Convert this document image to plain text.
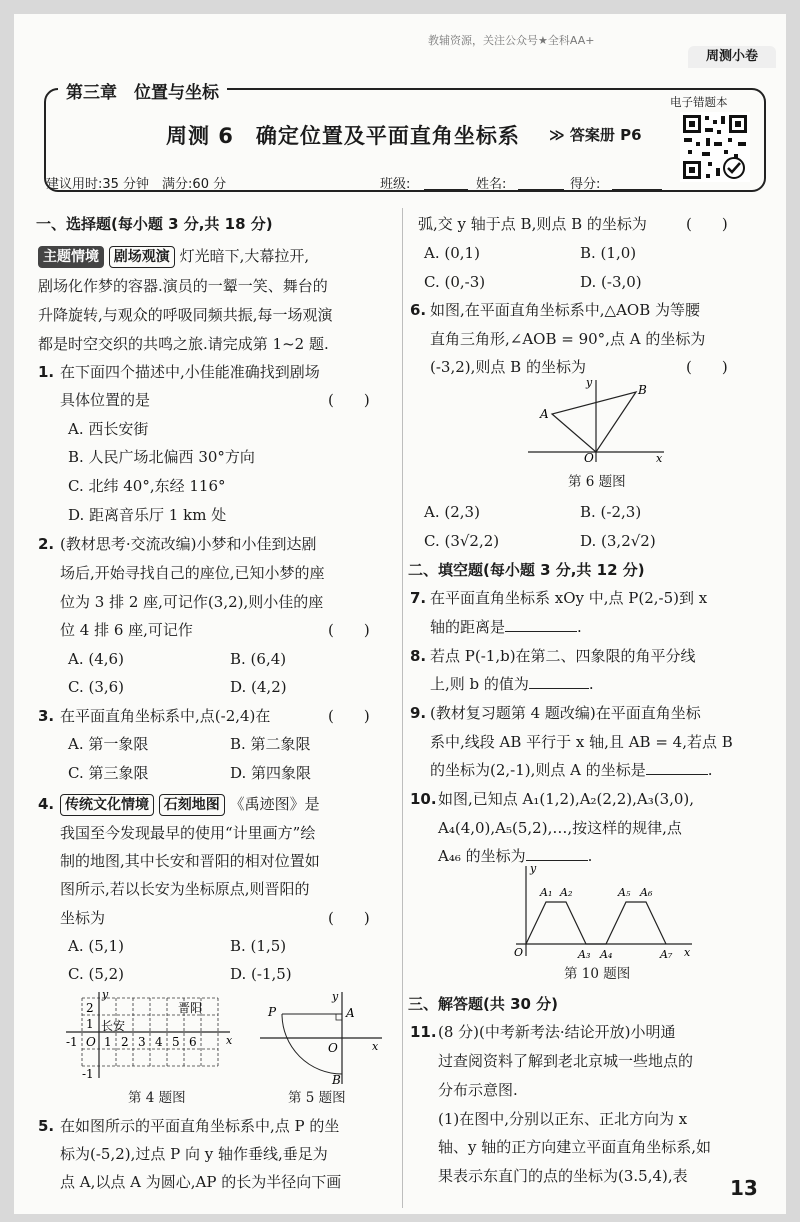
教辅资源，关注公众号★全科AA+
周测小卷
第三章　位置与坐标
周测 6　确定位置及平面直角坐标系 ≫ 答案册 P6
电子错题本
建议用时:35 分钟　满分:60 分	班级:	姓名:	得分:
一、选择题(每小题 3 分,共 18 分)
主题情境 剧场观演 灯光暗下,大幕拉开,
剧场化作梦的容器.演员的一颦一笑、舞台的
升降旋转,与观众的呼吸同频共振,每一场观演
都是时空交织的共鸣之旅.请完成第 1~2 题.
1. 在下面四个描述中,小佳能准确找到剧场
具体位置的是	(　　)
A. 西长安街
B. 人民广场北偏西 30°方向
C. 北纬 40°,东经 116°
D. 距离音乐厅 1 km 处
2. (教材思考·交流改编)小梦和小佳到达剧
场后,开始寻找自己的座位,已知小梦的座
位为 3 排 2 座,可记作(3,2),则小佳的座
位 4 排 6 座,可记作	(　　)
A. (4,6)	B. (6,4)
C. (3,6)	D. (4,2)
3. 在平面直角坐标系中,点(-2,4)在	(　　)
A. 第一象限	B. 第二象限
C. 第三象限	D. 第四象限
4. 传统文化情境 石刻地图 《禹迹图》是
我国至今发现最早的使用“计里画方”绘
制的地图,其中长安和晋阳的相对位置如
图所示,若以长安为坐标原点,则晋阳的
坐标为	(　　)
A. (5,1)	B. (1,5)
C. (5,2)	D. (-1,5)
y
x
2
1
-1
-1 O 1 2 3 4 5 6
长安
晋阳
第 4 题图
P	A
O
B
x
y
第 5 题图
5. 在如图所示的平面直角坐标系中,点 P 的坐
标为(-5,2),过点 P 向 y 轴作垂线,垂足为
点 A,以点 A 为圆心,AP 的长为半径向下画
弧,交 y 轴于点 B,则点 B 的坐标为	(　　)
A. (0,1)	B. (1,0)
C. (0,-3)	D. (-3,0)
6. 如图,在平面直角坐标系中,△AOB 为等腰
直角三角形,∠AOB = 90°,点 A 的坐标为
(-3,2),则点 B 的坐标为	(　　)
A
B
O	x
y
第 6 题图
A. (2,3)	B. (-2,3)
C. (3√2,2)	D. (3,2√2)
二、填空题(每小题 3 分,共 12 分)
7. 在平面直角坐标系 xOy 中,点 P(2,-5)到 x
轴的距离是	.
8. 若点 P(-1,b)在第二、四象限的角平分线
上,则 b 的值为	.
9. (教材复习题第 4 题改编)在平面直角坐标
系中,线段 AB 平行于 x 轴,且 AB = 4,若点 B
的坐标为(2,-1),则点 A 的坐标是	.
10. 如图,已知点 A₁(1,2),A₂(2,2),A₃(3,0),
A₄(4,0),A₅(5,2),…,按这样的规律,点
A₄₆ 的坐标为	.
A₁ A₂
A₃ A₄
A₅ A₆
A₇
O	x
y
第 10 题图
三、解答题(共 30 分)
11. (8 分)(中考新考法·结论开放)小明通
过查阅资料了解到老北京城一些地点的
分布示意图.
(1)在图中,分别以正东、正北方向为 x
轴、y 轴的正方向建立平面直角坐标系,如
果表示东直门的点的坐标为(3.5,4),表 13
